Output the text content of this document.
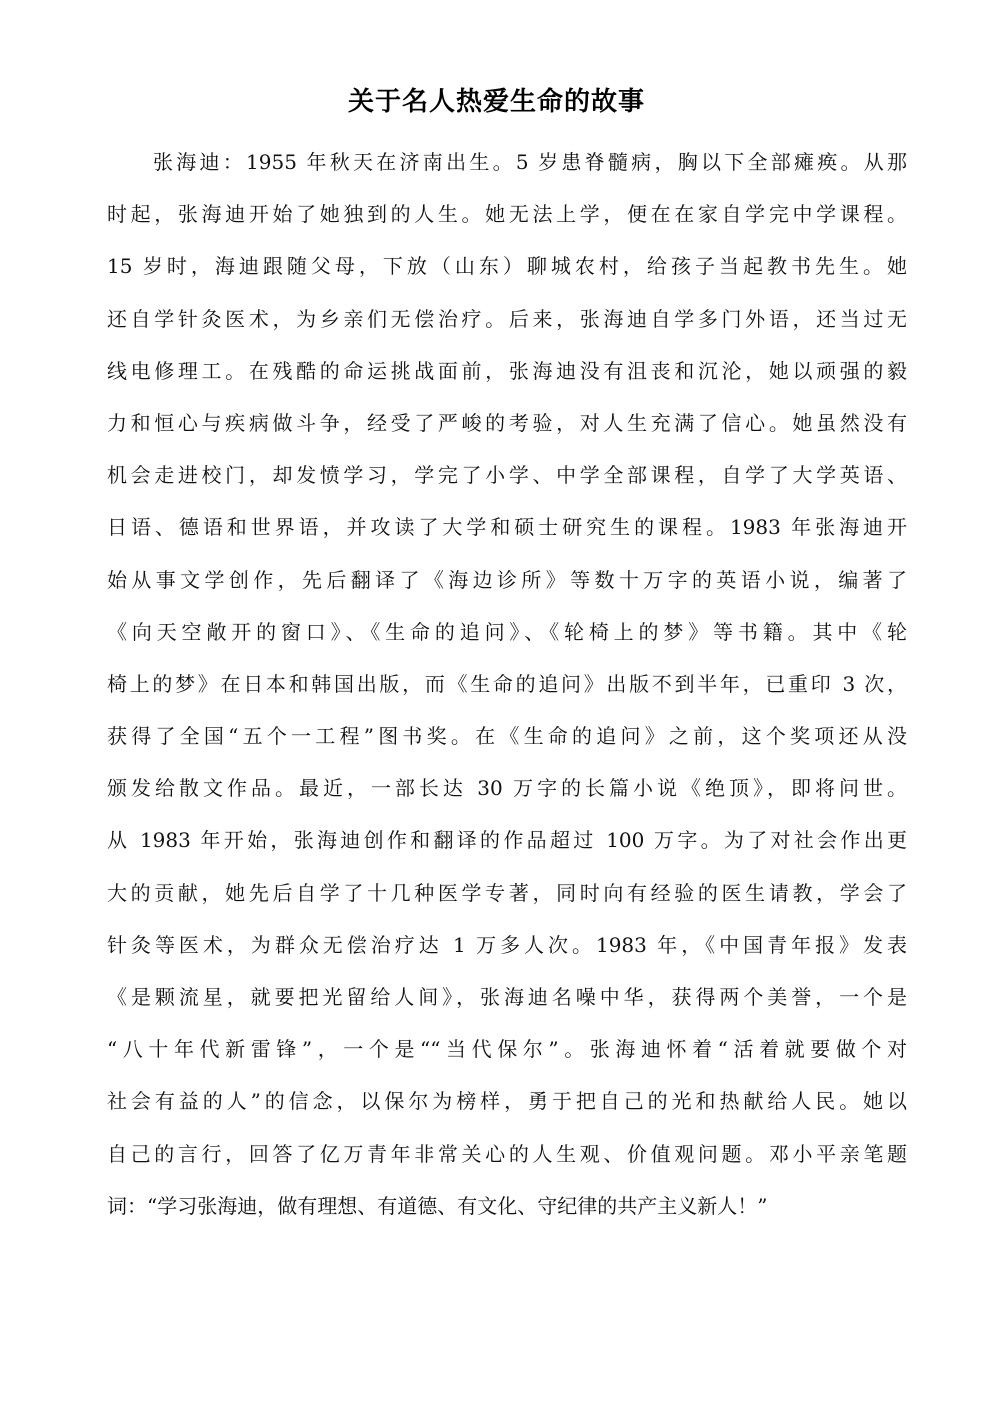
关于名人热爱生命的故事
张海迪：1955 年秋天在济南出生。5 岁患脊髓病，胸以下全部瘫痪。从那
时起，张海迪开始了她独到的人生。她无法上学，便在在家自学完中学课程。
15 岁时，海迪跟随父母，下放（山东）聊城农村，给孩子当起教书先生。她
还自学针灸医术，为乡亲们无偿治疗。后来，张海迪自学多门外语，还当过无
线电修理工。在残酷的命运挑战面前，张海迪没有沮丧和沉沦，她以顽强的毅
力和恒心与疾病做斗争，经受了严峻的考验，对人生充满了信心。她虽然没有
机会走进校门，却发愤学习，学完了小学、中学全部课程，自学了大学英语、
日语、德语和世界语，并攻读了大学和硕士研究生的课程。1983 年张海迪开
始从事文学创作，先后翻译了《海边诊所》等数十万字的英语小说，编著了
《向天空敞开的窗口》、《生命的追问》、《轮椅上的梦》等书籍。其中《轮
椅上的梦》在日本和韩国出版，而《生命的追问》出版不到半年，已重印 3 次，
获得了全国“五个一工程”图书奖。在《生命的追问》之前，这个奖项还从没
颁发给散文作品。最近，一部长达 30 万字的长篇小说《绝顶》，即将问世。
从 1983 年开始，张海迪创作和翻译的作品超过 100 万字。为了对社会作出更
大的贡献，她先后自学了十几种医学专著，同时向有经验的医生请教，学会了
针灸等医术，为群众无偿治疗达 1 万多人次。1983 年，《中国青年报》发表
《是颗流星，就要把光留给人间》，张海迪名噪中华，获得两个美誉，一个是
“八十年代新雷锋”，一个是““当代保尔”。张海迪怀着“活着就要做个对
社会有益的人”的信念，以保尔为榜样，勇于把自己的光和热献给人民。她以
自己的言行，回答了亿万青年非常关心的人生观、价值观问题。邓小平亲笔题
词：“学习张海迪，做有理想、有道德、有文化、守纪律的共产主义新人！”
